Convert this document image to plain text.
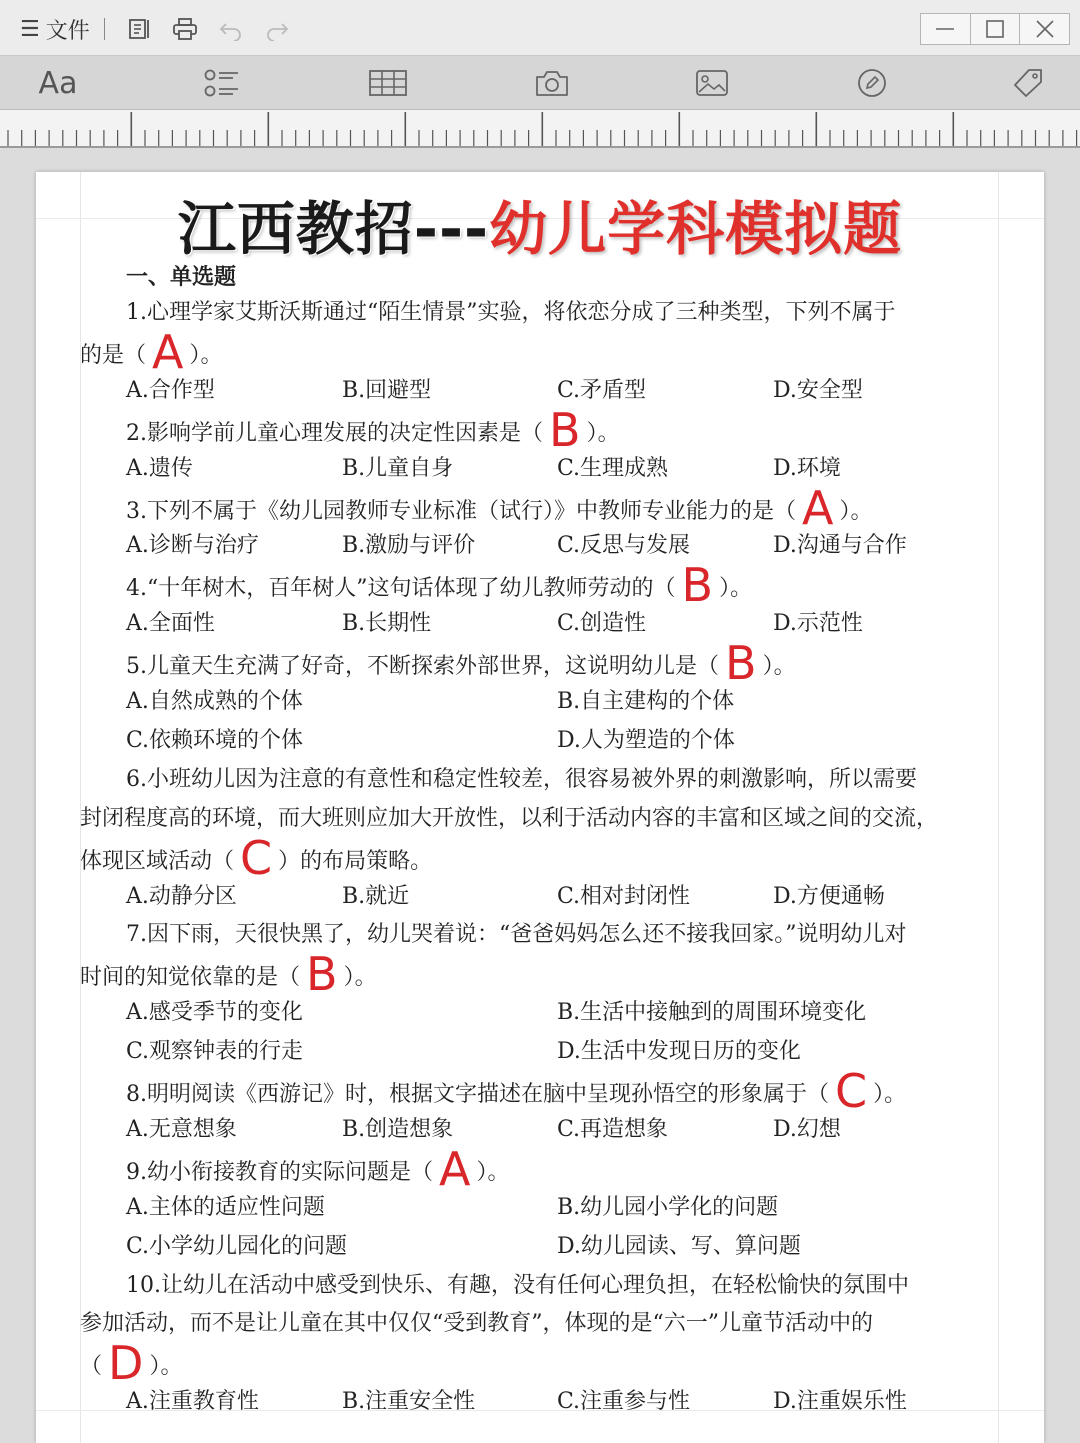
☰ 文件
Aa
江西教招---幼儿学科模拟题
一、单选题
1.心理学家艾斯沃斯通过“陌生情景”实验，将依恋分成了三种类型，下列不属于
的是（ A ）。
A.合作型	B.回避型	C.矛盾型	D.安全型
2.影响学前儿童心理发展的决定性因素是（ B ）。
A.遗传	B.儿童自身	C.生理成熟	D.环境
3.下列不属于《幼儿园教师专业标准（试行）》中教师专业能力的是（ A ）。
A.诊断与治疗	B.激励与评价	C.反思与发展	D.沟通与合作
4.“十年树木，百年树人”这句话体现了幼儿教师劳动的（ B ）。
A.全面性	B.长期性	C.创造性	D.示范性
5.儿童天生充满了好奇，不断探索外部世界，这说明幼儿是（ B ）。
A.自然成熟的个体	B.自主建构的个体
C.依赖环境的个体	D.人为塑造的个体
6.小班幼儿因为注意的有意性和稳定性较差，很容易被外界的刺激影响，所以需要
封闭程度高的环境，而大班则应加大开放性，以利于活动内容的丰富和区域之间的交流，
体现区域活动（ C ）的布局策略。
A.动静分区	B.就近	C.相对封闭性	D.方便通畅
7.因下雨，天很快黑了，幼儿哭着说：“爸爸妈妈怎么还不接我回家。”说明幼儿对
时间的知觉依靠的是（ B ）。
A.感受季节的变化	B.生活中接触到的周围环境变化
C.观察钟表的行走	D.生活中发现日历的变化
8.明明阅读《西游记》时，根据文字描述在脑中呈现孙悟空的形象属于（ C ）。
A.无意想象	B.创造想象	C.再造想象	D.幻想
9.幼小衔接教育的实际问题是（ A ）。
A.主体的适应性问题	B.幼儿园小学化的问题
C.小学幼儿园化的问题	D.幼儿园读、写、算问题
10.让幼儿在活动中感受到快乐、有趣，没有任何心理负担，在轻松愉快的氛围中
参加活动，而不是让儿童在其中仅仅“受到教育”，体现的是“六一”儿童节活动中的
（ D ）。
A.注重教育性	B.注重安全性	C.注重参与性	D.注重娱乐性
